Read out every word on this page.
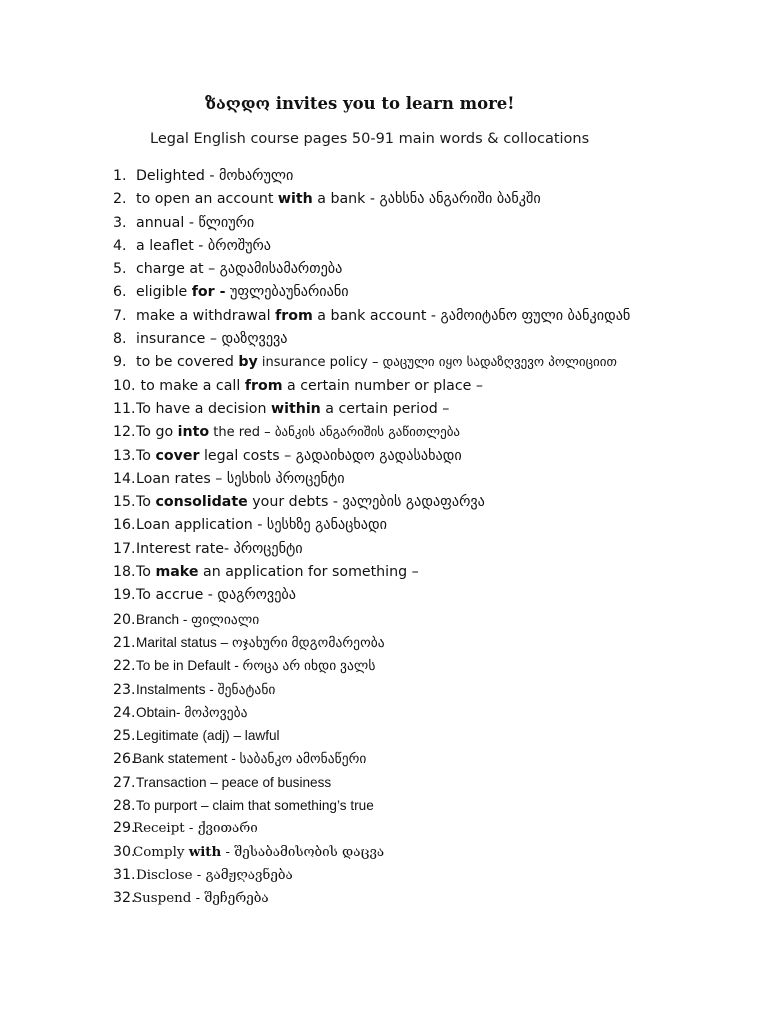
ზაღდო invites you to learn more!
Legal English course pages 50-91 main words & collocations
1. Delighted - მოხარული
2. to open an account with a bank - გახსნა ანგარიში ბანკში
3. annual - წლიური
4. a leaflet - ბროშურა
5. charge at – გადამისამართება
6. eligible for - უფლებაუნარიანი
7. make a withdrawal from a bank account - გამოიტანო ფული ბანკიდან
8. insurance – დაზღვევა
9. to be covered by insurance policy – დაცული იყო სადაზღვევო პოლიციით
10. to make a call from a certain number or place –
11.To have a decision within a certain period –
12.To go into the red – ბანკის ანგარიშის გაწითლება
13.To cover legal costs – გადაიხადო გადასახადი
14.Loan rates – სესხის პროცენტი
15.To consolidate your debts - ვალების გადაფარვა
16.Loan application - სესხზე განაცხადი
17.Interest rate- პროცენტი
18.To make an application for something –
19.To accrue - დაგროვება
20.Branch - ფილიალი
21.Marital status – ოჯახური მდგომარეობა
22.To be in Default - როცა არ იხდი ვალს
23.Instalments - შენატანი
24.Obtain- მოპოვება
25.Legitimate (adj) – lawful
26.Bank statement - საბანკო ამონაწერი
27.Transaction – peace of business
28.To purport – claim that something’s true
29.Receipt - ქვითარი
30.Comply with - შესაბამისობის დაცვა
31.Disclose - გამჟღავნება
32.Suspend - შეჩერება
